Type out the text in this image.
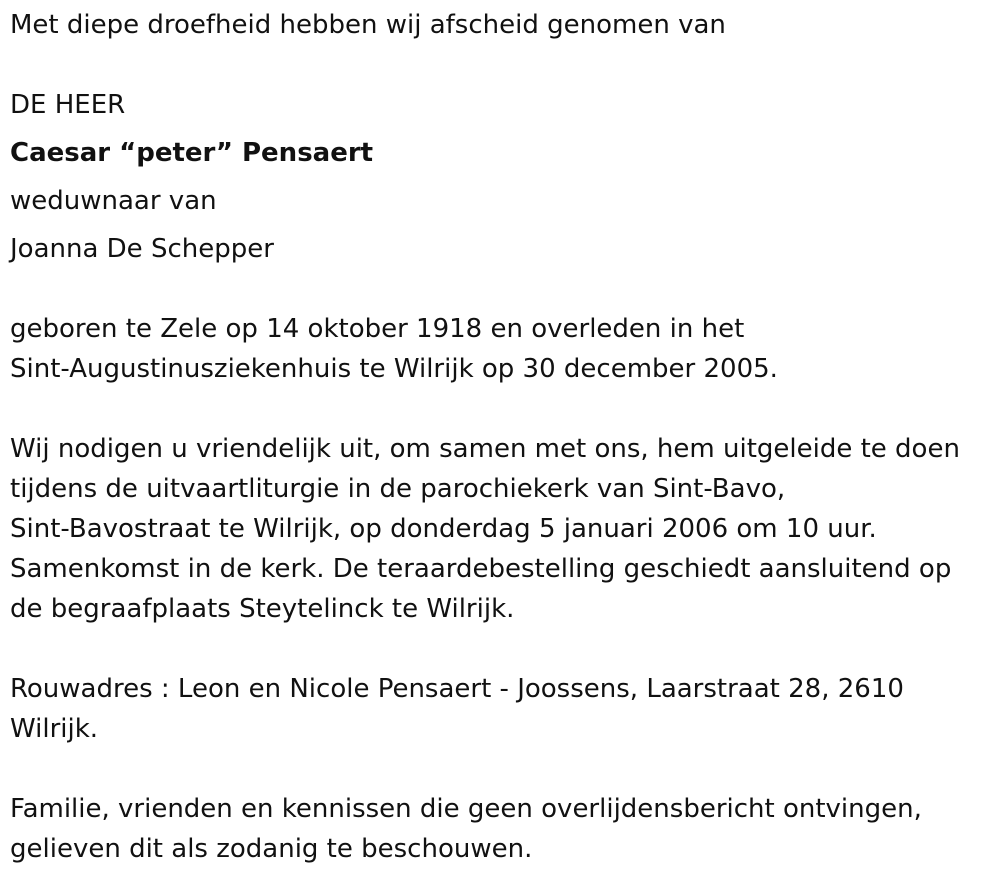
Met diepe droefheid hebben wij afscheid genomen van
DE HEER
Caesar “peter” Pensaert
weduwnaar van
Joanna De Schepper
geboren te Zele op 14 oktober 1918 en overleden in het
Sint-Augustinusziekenhuis te Wilrijk op 30 december 2005.
Wij nodigen u vriendelijk uit, om samen met ons, hem uitgeleide te doen
tijdens de uitvaartliturgie in de parochiekerk van Sint-Bavo,
Sint-Bavostraat te Wilrijk, op donderdag 5 januari 2006 om 10 uur.
Samenkomst in de kerk. De teraardebestelling geschiedt aansluitend op
de begraafplaats Steytelinck te Wilrijk.
Rouwadres : Leon en Nicole Pensaert - Joossens, Laarstraat 28, 2610
Wilrijk.
Familie, vrienden en kennissen die geen overlijdensbericht ontvingen,
gelieven dit als zodanig te beschouwen.
